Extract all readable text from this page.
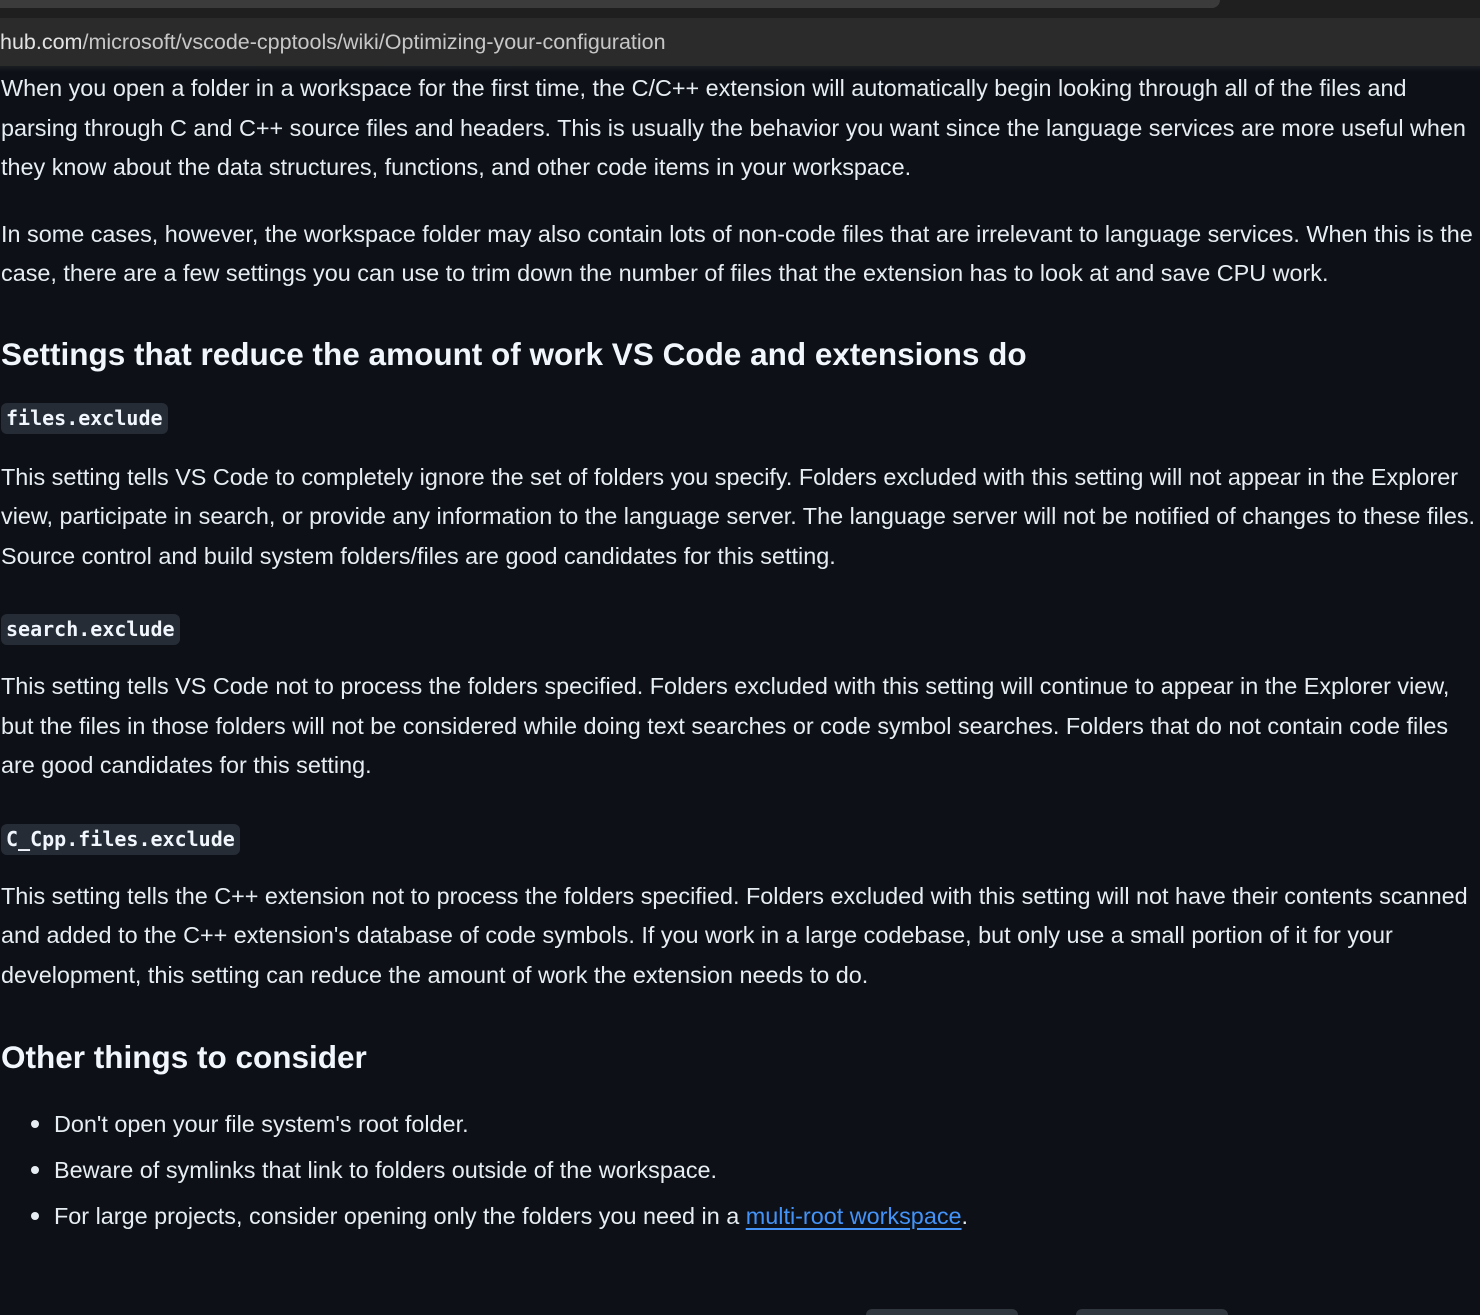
hub.com/microsoft/vscode-cpptools/wiki/Optimizing-your-configuration

When you open a folder in a workspace for the first time, the C/C++ extension will automatically begin looking through all of the files and parsing through C and C++ source files and headers. This is usually the behavior you want since the language services are more useful when they know about the data structures, functions, and other code items in your workspace.

In some cases, however, the workspace folder may also contain lots of non-code files that are irrelevant to language services. When this is the case, there are a few settings you can use to trim down the number of files that the extension has to look at and save CPU work.

Settings that reduce the amount of work VS Code and extensions do
files.exclude

This setting tells VS Code to completely ignore the set of folders you specify. Folders excluded with this setting will not appear in the Explorer view, participate in search, or provide any information to the language server. The language server will not be notified of changes to these files. Source control and build system folders/files are good candidates for this setting.

search.exclude

This setting tells VS Code not to process the folders specified. Folders excluded with this setting will continue to appear in the Explorer view, but the files in those folders will not be considered while doing text searches or code symbol searches. Folders that do not contain code files are good candidates for this setting.

C_Cpp.files.exclude

This setting tells the C++ extension not to process the folders specified. Folders excluded with this setting will not have their contents scanned and added to the C++ extension's database of code symbols. If you work in a large codebase, but only use a small portion of it for your development, this setting can reduce the amount of work the extension needs to do.

Other things to consider
Don't open your file system's root folder.
Beware of symlinks that link to folders outside of the workspace.
For large projects, consider opening only the folders you need in a multi-root workspace.
